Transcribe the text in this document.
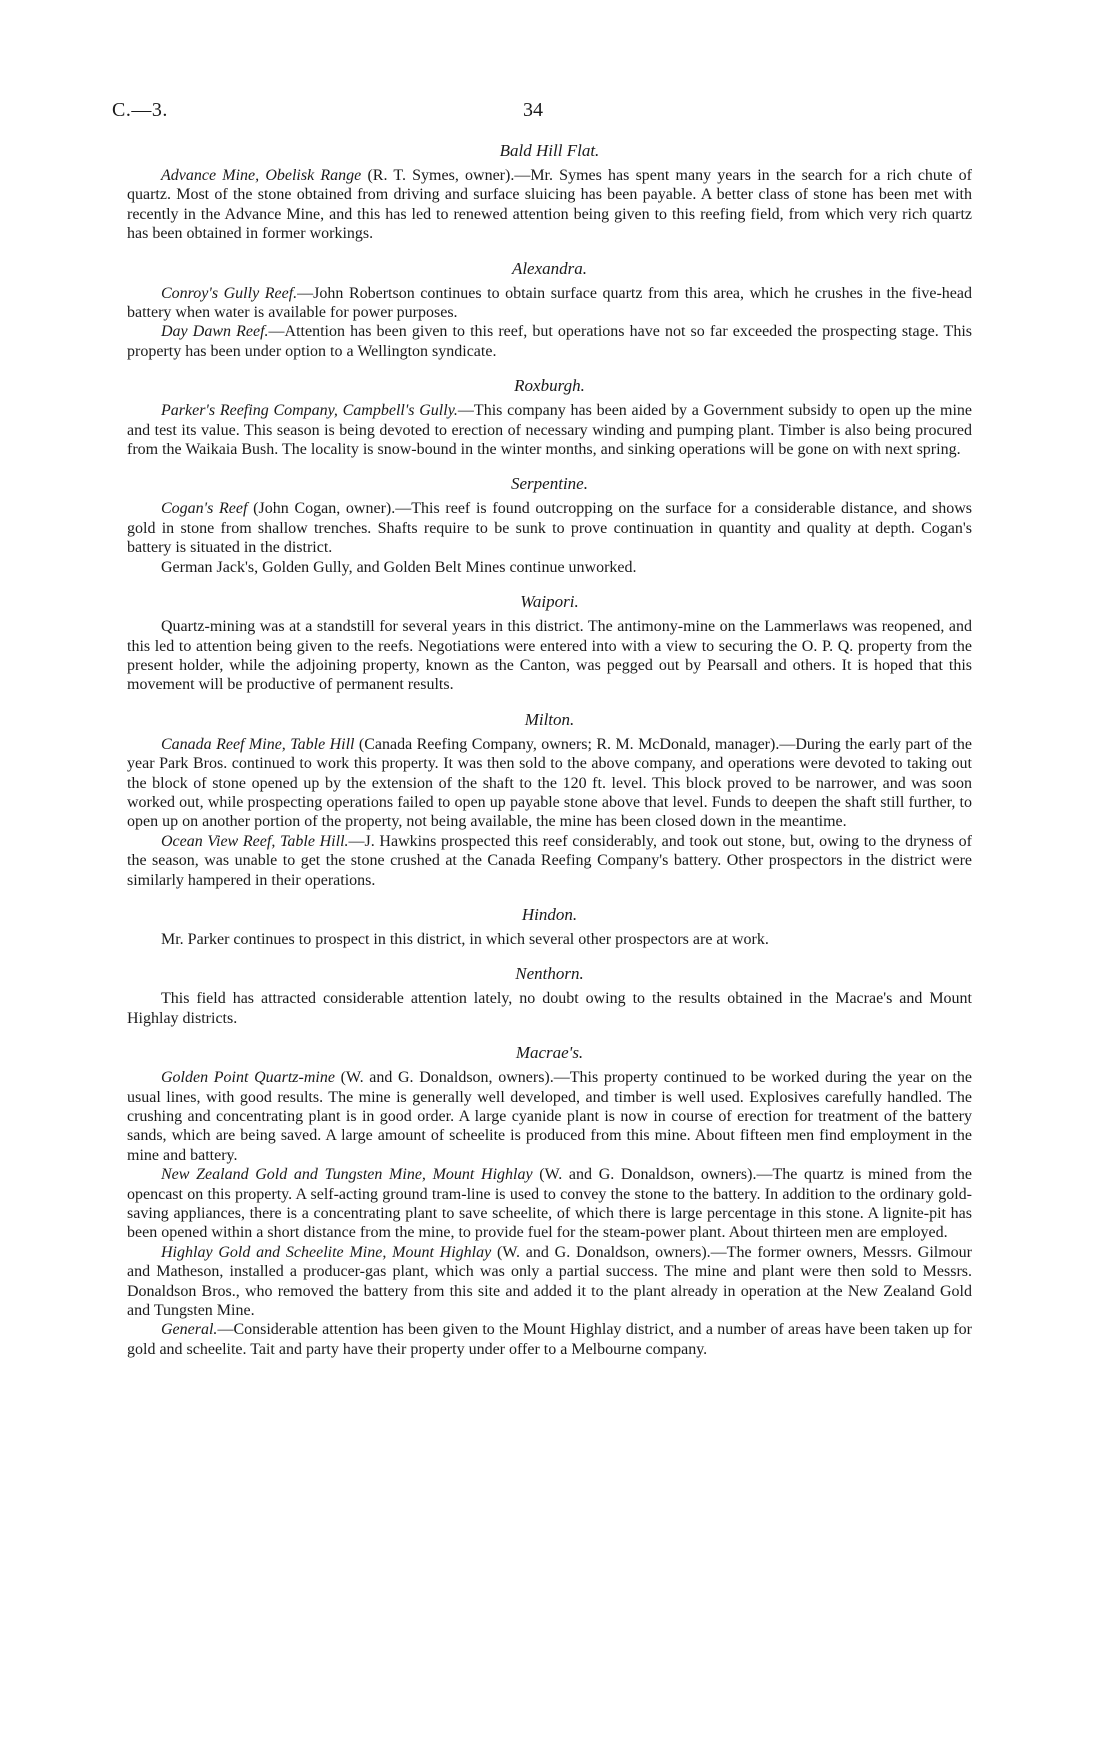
C.—3.	34
Bald Hill Flat.

Advance Mine, Obelisk Range (R. T. Symes, owner).—Mr. Symes has spent many years in the search for a rich chute of quartz. Most of the stone obtained from driving and surface sluicing has been payable. A better class of stone has been met with recently in the Advance Mine, and this has led to renewed attention being given to this reefing field, from which very rich quartz has been obtained in former workings.

Alexandra.

Conroy's Gully Reef.—John Robertson continues to obtain surface quartz from this area, which he crushes in the five-head battery when water is available for power purposes.

Day Dawn Reef.—Attention has been given to this reef, but operations have not so far exceeded the prospecting stage. This property has been under option to a Wellington syndicate.

Roxburgh.

Parker's Reefing Company, Campbell's Gully.—This company has been aided by a Government subsidy to open up the mine and test its value. This season is being devoted to erection of necessary winding and pumping plant. Timber is also being procured from the Waikaia Bush. The locality is snow-bound in the winter months, and sinking operations will be gone on with next spring.

Serpentine.

Cogan's Reef (John Cogan, owner).—This reef is found outcropping on the surface for a considerable distance, and shows gold in stone from shallow trenches. Shafts require to be sunk to prove continuation in quantity and quality at depth. Cogan's battery is situated in the district.

German Jack's, Golden Gully, and Golden Belt Mines continue unworked.

Waipori.

Quartz-mining was at a standstill for several years in this district. The antimony-mine on the Lammerlaws was reopened, and this led to attention being given to the reefs. Negotiations were entered into with a view to securing the O. P. Q. property from the present holder, while the adjoining property, known as the Canton, was pegged out by Pearsall and others. It is hoped that this movement will be productive of permanent results.

Milton.

Canada Reef Mine, Table Hill (Canada Reefing Company, owners; R. M. McDonald, manager).—During the early part of the year Park Bros. continued to work this property. It was then sold to the above company, and operations were devoted to taking out the block of stone opened up by the extension of the shaft to the 120 ft. level. This block proved to be narrower, and was soon worked out, while prospecting operations failed to open up payable stone above that level. Funds to deepen the shaft still further, to open up on another portion of the property, not being available, the mine has been closed down in the meantime.

Ocean View Reef, Table Hill.—J. Hawkins prospected this reef considerably, and took out stone, but, owing to the dryness of the season, was unable to get the stone crushed at the Canada Reefing Company's battery. Other prospectors in the district were similarly hampered in their operations.

Hindon.

Mr. Parker continues to prospect in this district, in which several other prospectors are at work.

Nenthorn.

This field has attracted considerable attention lately, no doubt owing to the results obtained in the Macrae's and Mount Highlay districts.

Macrae's.

Golden Point Quartz-mine (W. and G. Donaldson, owners).—This property continued to be worked during the year on the usual lines, with good results. The mine is generally well developed, and timber is well used. Explosives carefully handled. The crushing and concentrating plant is in good order. A large cyanide plant is now in course of erection for treatment of the battery sands, which are being saved. A large amount of scheelite is produced from this mine. About fifteen men find employment in the mine and battery.

New Zealand Gold and Tungsten Mine, Mount Highlay (W. and G. Donaldson, owners).—The quartz is mined from the opencast on this property. A self-acting ground tram-line is used to convey the stone to the battery. In addition to the ordinary gold-saving appliances, there is a concentrating plant to save scheelite, of which there is large percentage in this stone. A lignite-pit has been opened within a short distance from the mine, to provide fuel for the steam-power plant. About thirteen men are employed.

Highlay Gold and Scheelite Mine, Mount Highlay (W. and G. Donaldson, owners).—The former owners, Messrs. Gilmour and Matheson, installed a producer-gas plant, which was only a partial success. The mine and plant were then sold to Messrs. Donaldson Bros., who removed the battery from this site and added it to the plant already in operation at the New Zealand Gold and Tungsten Mine.

General.—Considerable attention has been given to the Mount Highlay district, and a number of areas have been taken up for gold and scheelite. Tait and party have their property under offer to a Melbourne company.
